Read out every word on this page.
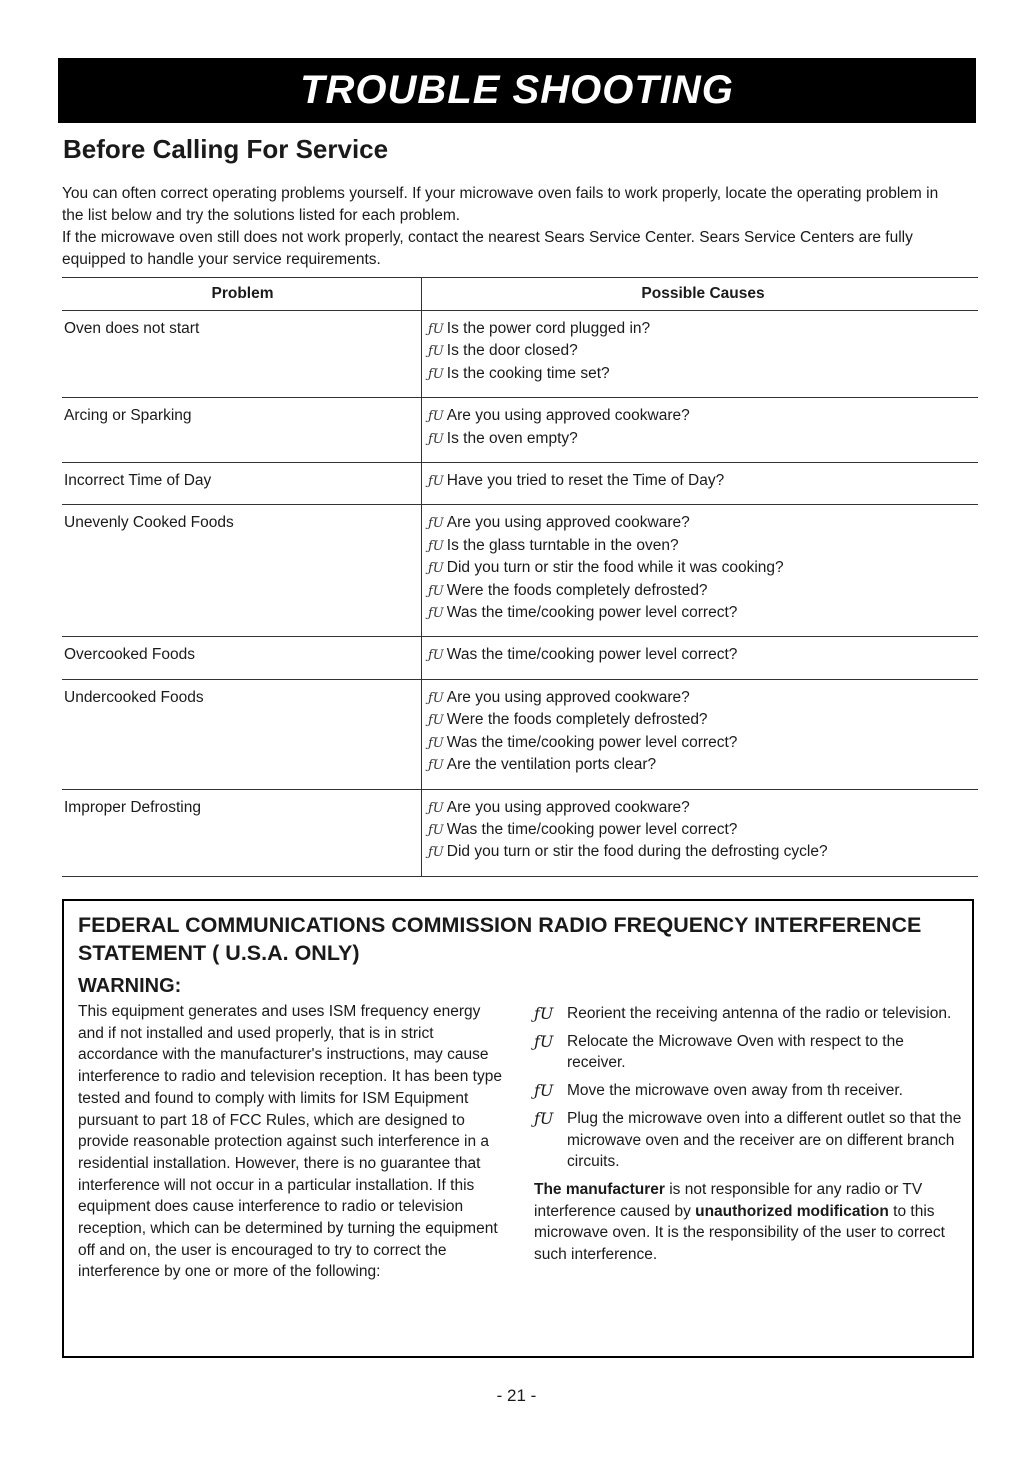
TROUBLE SHOOTING
Before Calling For Service

You can often correct operating problems yourself. If your microwave oven fails to work properly, locate the operating problem in the list below and try the solutions listed for each problem.

If the microwave oven still does not work properly, contact the nearest Sears Service Center. Sears Service Centers are fully equipped to handle your service requirements.

Problem	Possible Causes
Oven does not start	ƒU Is the power cord plugged in?
ƒU Is the door closed?
ƒU Is the cooking time set?

Arcing or Sparking	ƒU Are you using approved cookware?
ƒU Is the oven empty?

Incorrect Time of Day	ƒU Have you tried to reset the Time of Day?

Unevenly Cooked Foods	ƒU Are you using approved cookware?
ƒU Is the glass turntable in the oven?
ƒU Did you turn or stir the food while it was cooking?
ƒU Were the foods completely defrosted?
ƒU Was the time/cooking power level correct?

Overcooked Foods	ƒU Was the time/cooking power level correct?

Undercooked Foods	ƒU Are you using approved cookware?
ƒU Were the foods completely defrosted?
ƒU Was the time/cooking power level correct?
ƒU Are the ventilation ports clear?

Improper Defrosting	ƒU Are you using approved cookware?
ƒU Was the time/cooking power level correct?
ƒU Did you turn or stir the food during the defrosting cycle?
FEDERAL COMMUNICATIONS COMMISSION RADIO FREQUENCY INTERFERENCE STATEMENT ( U.S.A. ONLY)
WARNING:

This equipment generates and uses ISM frequency energy and if not installed and used properly, that is in strict accordance with the manufacturer's instructions, may cause interference to radio and television reception. It has been type tested and found to comply with limits for ISM Equipment pursuant to part 18 of FCC Rules, which are designed to provide reasonable protection against such interference in a residential installation. However, there is no guarantee that interference will not occur in a particular installation. If this equipment does cause interference to radio or television reception, which can be determined by turning the equipment off and on, the user is encouraged to try to correct the interference by one or more of the following:

ƒU Reorient the receiving antenna of the radio or television.
ƒU Relocate the Microwave Oven with respect to the receiver.
ƒU Move the microwave oven away from th receiver.
ƒU Plug the microwave oven into a different outlet so that the microwave oven and the receiver are on different branch circuits.

The manufacturer is not responsible for any radio or TV interference caused by unauthorized modification to this microwave oven. It is the responsibility of the user to correct such interference.

- 21 -
